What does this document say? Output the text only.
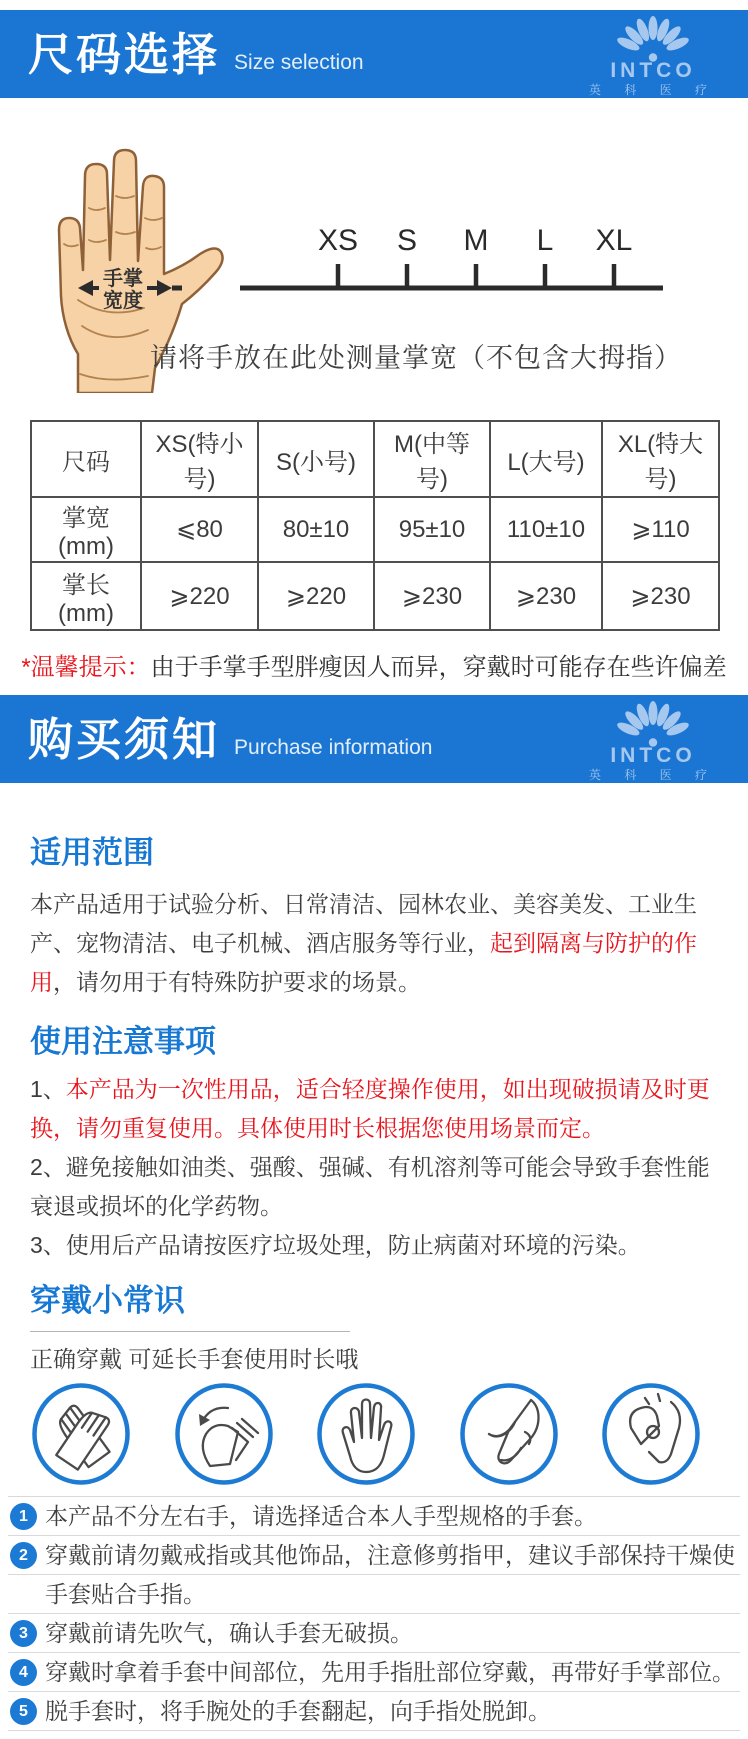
尺码选择 Size selection	INTCO
英 科 医 疗
手掌
宽度
XS S M L XL
请将手放在此处测量掌宽（不包含大拇指）
尺码	XS(特小号)	S(小号)	M(中等号)	L(大号)	XL(特大号)
掌宽(mm)	⩽80	80±10	95±10	110±10	⩾110
掌长(mm)	⩾220	⩾220	⩾230	⩾230	⩾230
*温馨提示：由于手掌手型胖瘦因人而异，穿戴时可能存在些许偏差
购买须知 Purchase information	INTCO
英 科 医 疗
适用范围

本产品适用于试验分析、日常清洁、园林农业、美容美发、工业生产、宠物清洁、电子机械、酒店服务等行业，起到隔离与防护的作用，请勿用于有特殊防护要求的场景。

使用注意事项

1、本产品为一次性用品，适合轻度操作使用，如出现破损请及时更换，请勿重复使用。具体使用时长根据您使用场景而定。

2、避免接触如油类、强酸、强碱、有机溶剂等可能会导致手套性能衰退或损坏的化学药物。

3、使用后产品请按医疗垃圾处理，防止病菌对环境的污染。

穿戴小常识
正确穿戴 可延长手套使用时长哦
1 本产品不分左右手，请选择适合本人手型规格的手套。
2 穿戴前请勿戴戒指或其他饰品，注意修剪指甲，建议手部保持干燥使手套贴合手指。
3 穿戴前请先吹气，确认手套无破损。
4 穿戴时拿着手套中间部位，先用手指肚部位穿戴，再带好手掌部位。
5 脱手套时，将手腕处的手套翻起，向手指处脱卸。
